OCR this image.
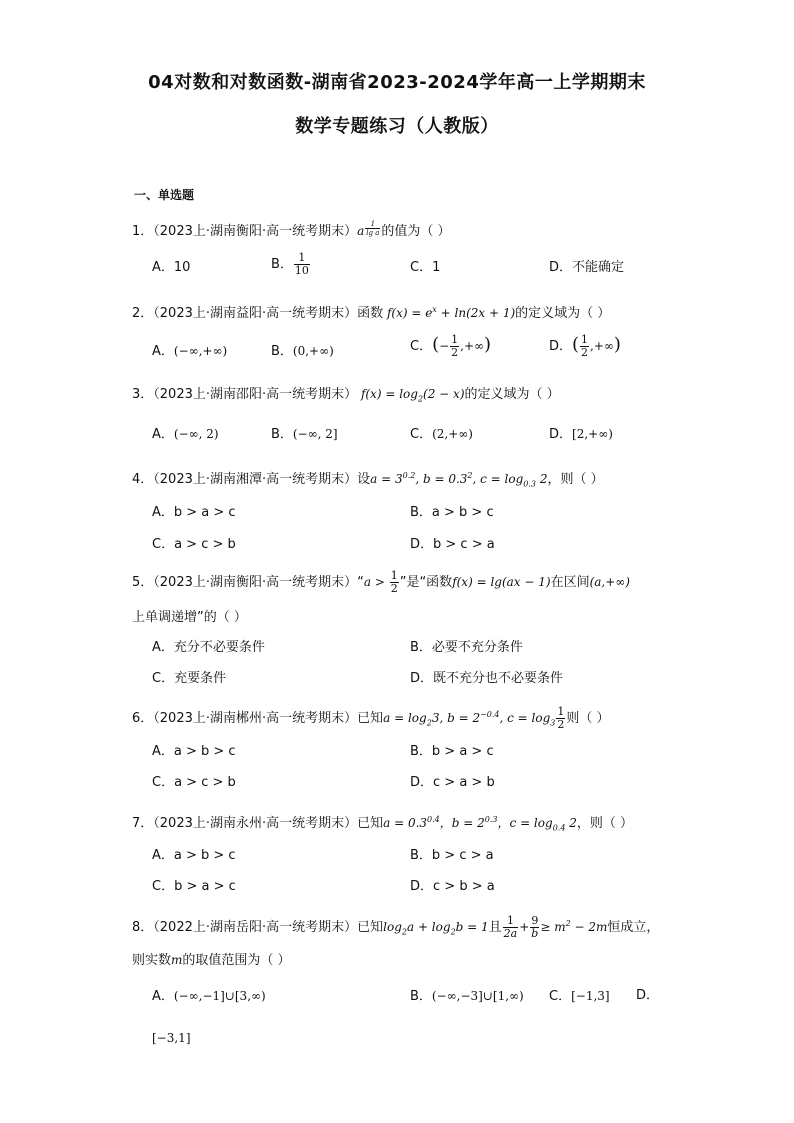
04对数和对数函数-湖南省2023-2024学年高一上学期期末
数学专题练习（人教版）
一、单选题
1．（2023上·湖南衡阳·高一统考期末）a $^{\frac{1}{\text{lg a}}}$ 的值为（ ）
A．10	B． $\frac{1}{10}$	C．1	D．不能确定
2．（2023上·湖南益阳·高一统考期末）函数 $f(x) = e^x + \ln(2x + 1)$的定义域为（ ）
A．(−∞,+∞)	B．(0,+∞)	C．(− $\frac{1}{2}$ ,+∞)	D．( $\frac{1}{2}$ ,+∞)
3．（2023上·湖南邵阳·高一统考期末） $f(x) = \log_2(2 - x)$的定义域为（ ）
A．(−∞, 2)	B．(−∞, 2]	C．(2,+∞)	D．[2,+∞)
4．（2023上·湖南湘潭·高一统考期末）设$a = 3^{0.2}$, $b = 0.3^2$, $c = \log_{0.3} 2$，则（ ）
A．b > a > c	B．a > b > c
C．a > c > b	D．b > c > a
5．（2023上·湖南衡阳·高一统考期末）“a > $\frac{1}{2}$ ”是“函数f(x) = lg(ax − 1)在区间(a,+∞)
上单调递增”的（ ）
A．充分不必要条件	B．必要不充分条件
C．充要条件	D．既不充分也不必要条件
6．（2023上·湖南郴州·高一统考期末）已知$a = \log_23$, $b = 2^{-0.4}$, $c = \log_3 \frac{1}{2}$ 则（ ）
A．a > b > c	B．b > a > c
C．a > c > b	D．c > a > b
7．（2023上·湖南永州·高一统考期末）已知$a = 0.3^{0.4}$，$b = 2^{0.3}$，$c = \log_{0.4} 2$，则（ ）
A．a > b > c	B．b > c > a
C．b > a > c	D．c > b > a
8．（2022上·湖南岳阳·高一统考期末）已知$\log_2a + \log_2b = 1$且 $\frac{1}{2a} + \frac{9}{b} \ge m^2 - 2m$恒成立，
则实数m的取值范围为（ ）
A．(−∞,−1]∪[3,∞)	B．(−∞,−3]∪[1,∞) C．[−1,3] D．
[−3,1]
